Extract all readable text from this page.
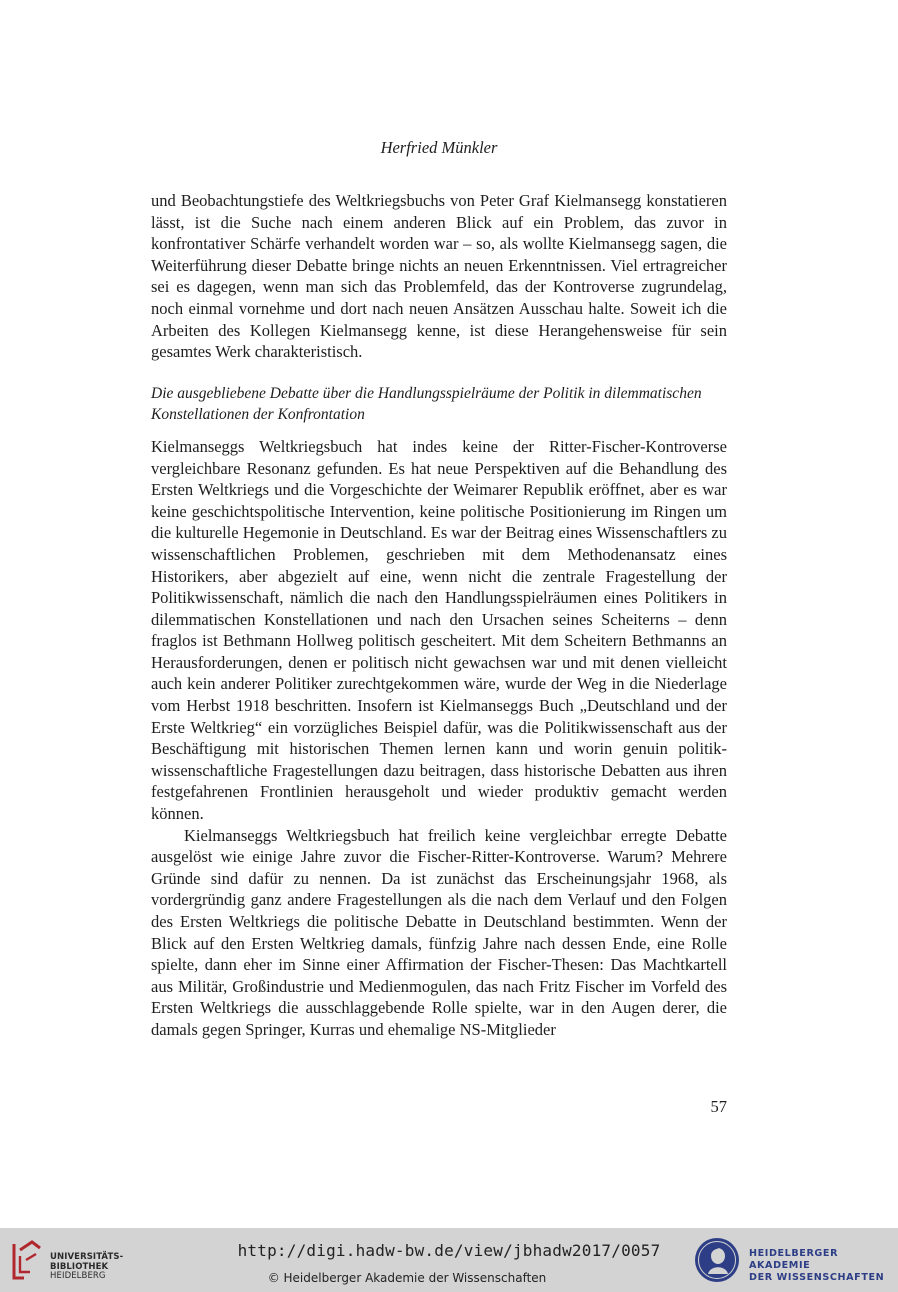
Herfried Münkler

und Beobachtungstiefe des Weltkriegsbuchs von Peter Graf Kielmansegg konstatieren lässt, ist die Suche nach einem anderen Blick auf ein Problem, das zuvor in konfrontativer Schärfe verhandelt worden war – so, als wollte Kielmansegg sagen, die Weiterführung dieser Debatte bringe nichts an neuen Erkenntnissen. Viel ertragreicher sei es dagegen, wenn man sich das Problemfeld, das der Kontroverse zugrundelag, noch einmal vornehme und dort nach neuen Ansätzen Ausschau halte. Soweit ich die Arbeiten des Kollegen Kielmansegg kenne, ist diese Herangehensweise für sein gesamtes Werk charakteristisch.

Die ausgebliebene Debatte über die Handlungsspielräume der Politik in dilemmatischen Konstellationen der Konfrontation

Kielmanseggs Weltkriegsbuch hat indes keine der Ritter-Fischer-Kontroverse vergleichbare Resonanz gefunden. Es hat neue Perspektiven auf die Behandlung des Ersten Weltkriegs und die Vorgeschichte der Weimarer Republik eröffnet, aber es war keine geschichtspolitische Intervention, keine politische Positionierung im Ringen um die kulturelle Hegemonie in Deutschland. Es war der Beitrag eines Wissenschaftlers zu wissenschaftlichen Problemen, geschrieben mit dem Methodenansatz eines Historikers, aber abgezielt auf eine, wenn nicht die zentrale Fragestellung der Politikwissenschaft, nämlich die nach den Handlungsspielräumen eines Politikers in dilemmatischen Konstellationen und nach den Ursachen seines Scheiterns – denn fraglos ist Bethmann Hollweg politisch gescheitert. Mit dem Scheitern Bethmanns an Herausforderungen, denen er politisch nicht gewachsen war und mit denen vielleicht auch kein anderer Politiker zurechtgekommen wäre, wurde der Weg in die Niederlage vom Herbst 1918 beschritten. Insofern ist Kielmanseggs Buch „Deutschland und der Erste Weltkrieg“ ein vorzügliches Beispiel dafür, was die Politikwissenschaft aus der Beschäftigung mit historischen Themen lernen kann und worin genuin politikwissenschaftliche Fragestellungen dazu beitragen, dass historische Debatten aus ihren festgefahrenen Frontlinien herausgeholt und wieder produktiv gemacht werden können.

Kielmanseggs Weltkriegsbuch hat freilich keine vergleichbar erregte Debatte ausgelöst wie einige Jahre zuvor die Fischer-Ritter-Kontroverse. Warum? Mehrere Gründe sind dafür zu nennen. Da ist zunächst das Erscheinungsjahr 1968, als vordergründig ganz andere Fragestellungen als die nach dem Verlauf und den Folgen des Ersten Weltkriegs die politische Debatte in Deutschland bestimmten. Wenn der Blick auf den Ersten Weltkrieg damals, fünfzig Jahre nach dessen Ende, eine Rolle spielte, dann eher im Sinne einer Affirmation der Fischer-Thesen: Das Machtkartell aus Militär, Großindustrie und Medienmogulen, das nach Fritz Fischer im Vorfeld des Ersten Weltkriegs die ausschlaggebende Rolle spielte, war in den Augen derer, die damals gegen Springer, Kurras und ehemalige NS-Mitglieder

57
UNIVERSITÄTS-
BIBLIOTHEK
HEIDELBERG
http://digi.hadw-bw.de/view/jbhadw2017/0057
© Heidelberger Akademie der Wissenschaften
HEIDELBERGER AKADEMIE
DER WISSENSCHAFTEN
